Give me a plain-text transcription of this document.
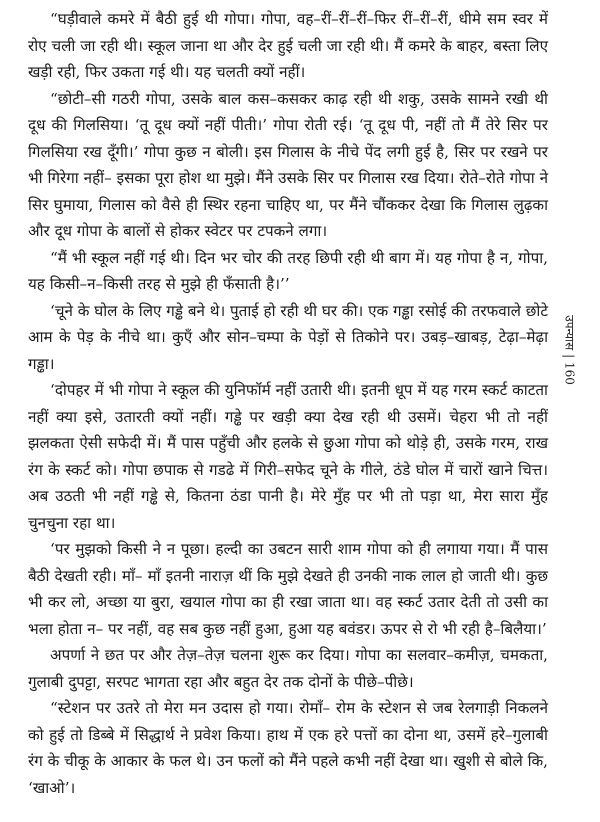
“घड़ीवाले कमरे में बैठी हुई थी गोपा। गोपा, वह–रीं–रीं–रीं–फिर रीं–रीं–रीं, धीमे सम स्वर में रोए चली जा रही थी। स्कूल जाना था और देर हुई चली जा रही थी। मैं कमरे के बाहर, बस्ता लिए खड़ी रही, फिर उकता गई थी। यह चलती क्यों नहीं।

“छोटी–सी गठरी गोपा, उसके बाल कस–कसकर काढ़ रही थी शकु, उसके सामने रखी थी दूध की गिलसिया। ‘तू दूध क्यों नहीं पीती।’ गोपा रोती रई। ‘तू दूध पी, नहीं तो मैं तेरे सिर पर गिलसिया रख दूँगी।’ गोपा कुछ न बोली। इस गिलास के नीचे पेंद लगी हुई है, सिर पर रखने पर भी गिरेगा नहीं– इसका पूरा होश था मुझे। मैंने उसके सिर पर गिलास रख दिया। रोते–रोते गोपा ने सिर घुमाया, गिलास को वैसे ही स्थिर रहना चाहिए था, पर मैंने चौंककर देखा कि गिलास लुढ़का और दूध गोपा के बालों से होकर स्वेटर पर टपकने लगा।

“मैं भी स्कूल नहीं गई थी। दिन भर चोर की तरह छिपी रही थी बाग में। यह गोपा है न, गोपा, यह किसी–न–किसी तरह से मुझे ही फँसाती है।’’

‘चूने के घोल के लिए गड्ढे बने थे। पुताई हो रही थी घर की। एक गड्ढा रसोई की तरफवाले छोटे आम के पेड़ के नीचे था। कुएँ और सोन–चम्पा के पेड़ों से तिकोने पर। उबड़–खाबड़, टेढ़ा–मेढ़ा गड्ढा।

‘दोपहर में भी गोपा ने स्कूल की युनिफॉर्म नहीं उतारी थी। इतनी धूप में यह गरम स्कर्ट काटता नहीं क्या इसे, उतारती क्यों नहीं। गड्ढे पर खड़ी क्या देख रही थी उसमें। चेहरा भी तो नहीं झलकता ऐसी सफेदी में। मैं पास पहुँची और हलके से छुआ गोपा को थोड़े ही, उसके गरम, राख रंग के स्कर्ट को। गोपा छपाक से गडढे में गिरी–सफेद चूने के गीले, ठंडे घोल में चारों खाने चित्त। अब उठती भी नहीं गड्ढे से, कितना ठंडा पानी है। मेरे मुँह पर भी तो पड़ा था, मेरा सारा मुँह चुनचुना रहा था।

‘पर मुझको किसी ने न पूछा। हल्दी का उबटन सारी शाम गोपा को ही लगाया गया। मैं पास बैठी देखती रही। माँ– माँ इतनी नाराज़ थीं कि मुझे देखते ही उनकी नाक लाल हो जाती थी। कुछ भी कर लो, अच्छा या बुरा, खयाल गोपा का ही रखा जाता था। वह स्कर्ट उतार देती तो उसी का भला होता न– पर नहीं, वह सब कुछ नहीं हुआ, हुआ यह बवंडर। ऊपर से रो भी रही है–बिलैया।’

अपर्णा ने छत पर और तेज़–तेज़ चलना शुरू कर दिया। गोपा का सलवार–कमीज़, चमकता, गुलाबी दुपट्टा, सरपट भागता रहा और बहुत देर तक दोनों के पीछे–पीछे।

“स्टेशन पर उतरे तो मेरा मन उदास हो गया। रोमाँ– रोम के स्टेशन से जब रेलगाड़ी निकलने को हुई तो डिब्बे में सिद्धार्थ ने प्रवेश किया। हाथ में एक हरे पत्तों का दोना था, उसमें हरे–गुलाबी रंग के चीकू के आकार के फल थे। उन फलों को मैंने पहले कभी नहीं देखा था। खुशी से बोले कि, ‘खाओ’।

उपन्यास | 160
